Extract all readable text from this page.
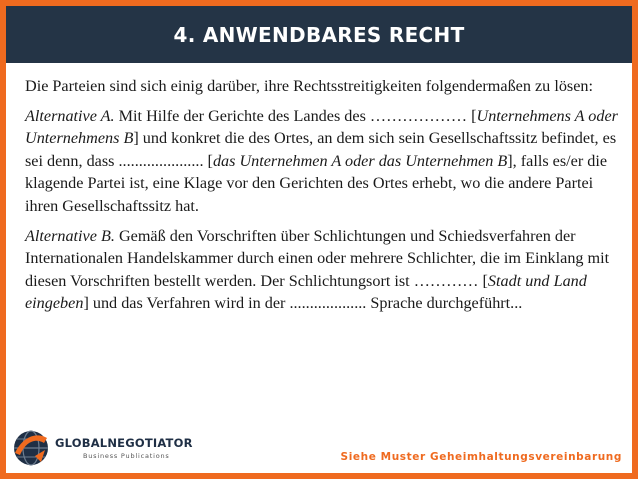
4. ANWENDBARES RECHT

Die Parteien sind sich einig darüber, ihre Rechtsstreitigkeiten folgendermaßen zu lösen:

Alternative A. Mit Hilfe der Gerichte des Landes des ……………… [Unternehmens A oder Unternehmens B] und konkret die des Ortes, an dem sich sein Gesellschaftssitz befindet, es sei denn, dass ..................... [das Unternehmen A oder das Unternehmen B], falls es/er die klagende Partei ist, eine Klage vor den Gerichten des Ortes erhebt, wo die andere Partei ihren Gesellschaftssitz hat.

Alternative B. Gemäß den Vorschriften über Schlichtungen und Schiedsverfahren der Internationalen Handelskammer durch einen oder mehrere Schlichter, die im Einklang mit diesen Vorschriften bestellt werden. Der Schlichtungsort ist ………… [Stadt und Land eingeben] und das Verfahren wird in der ................... Sprache durchgeführt...

GLOBALNEGOTIATOR
Business Publications	Siehe Muster Geheimhaltungsvereinbarung
